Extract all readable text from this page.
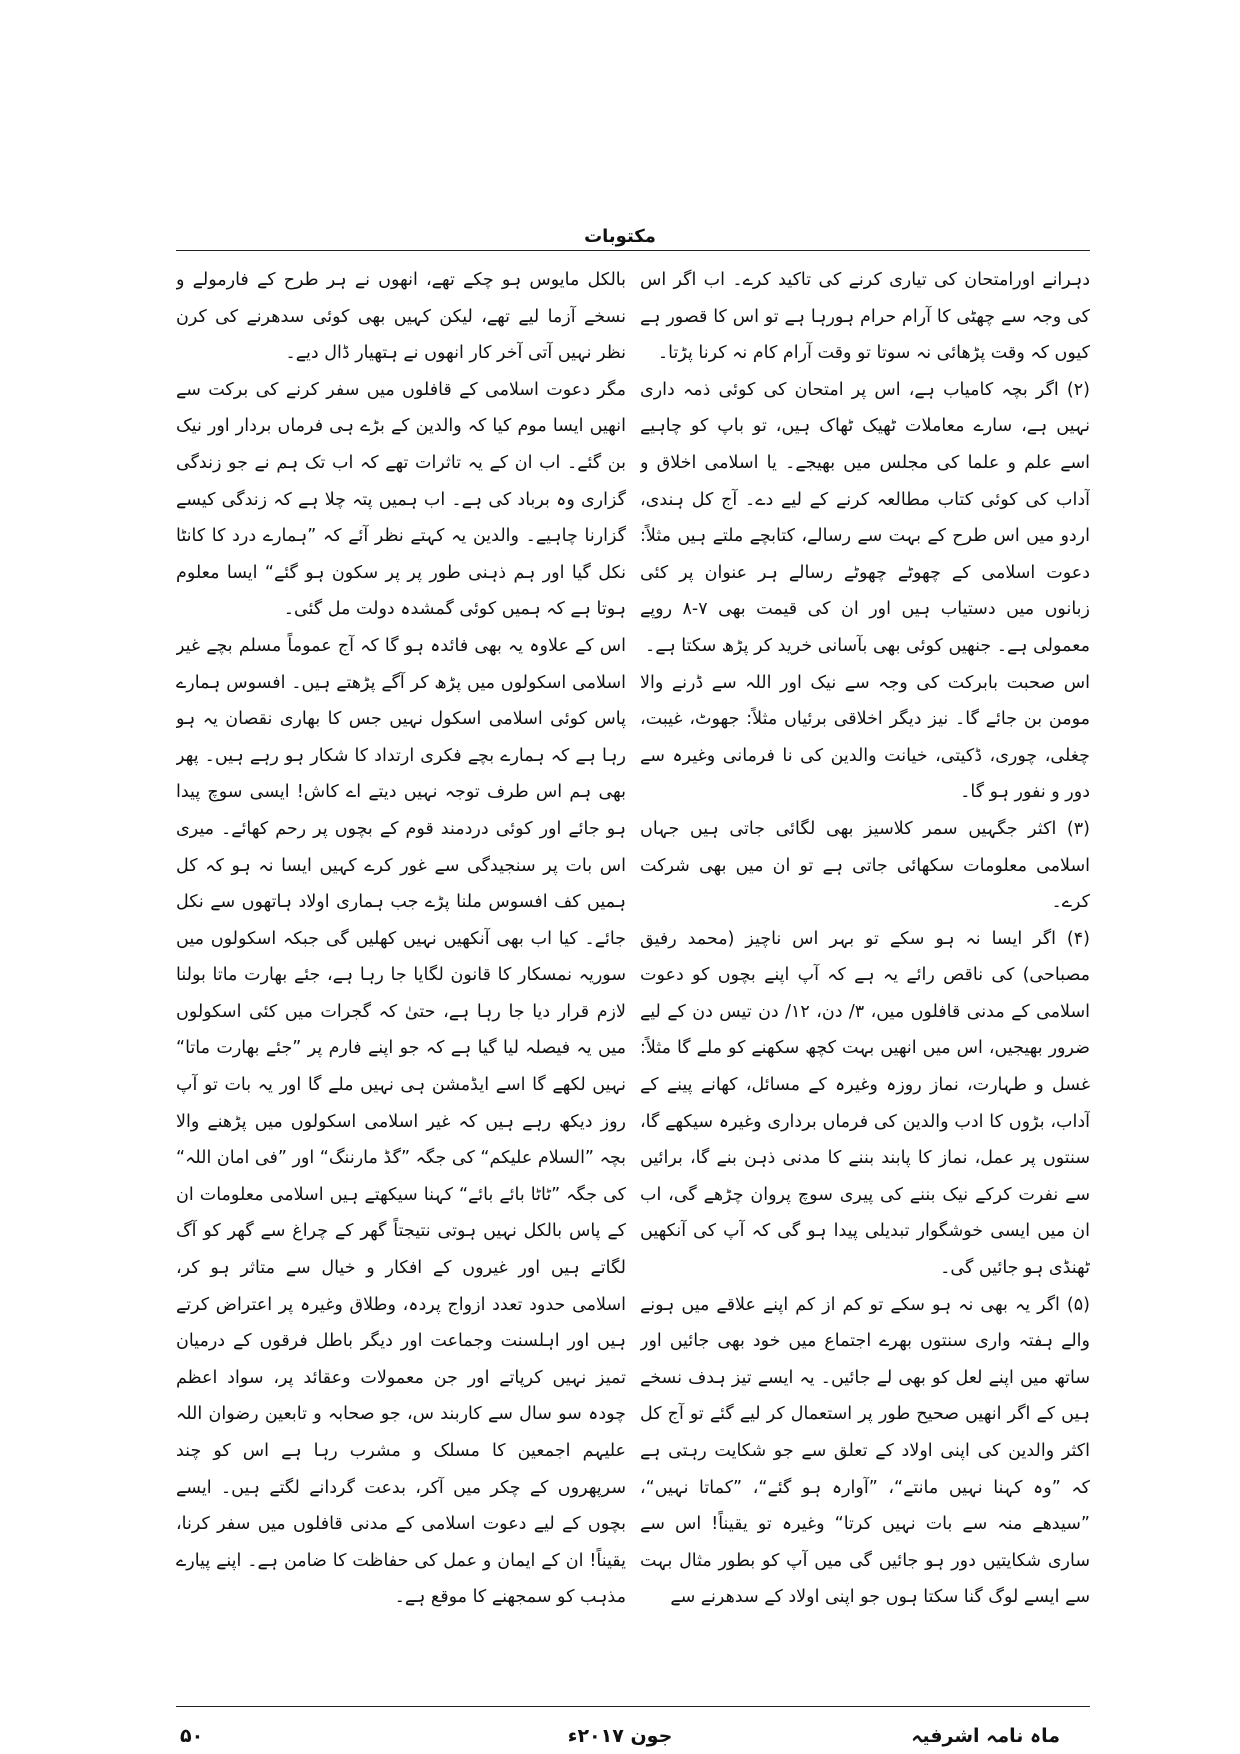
مکتوبات

دہرانے اورامتحان کی تیاری کرنے کی تاکید کرے۔ اب اگر اس کی وجہ سے چھٹی کا آرام حرام ہورہا ہے تو اس کا قصور ہے کیوں کہ وقت پڑھائی نہ سوتا تو وقت آرام کام نہ کرنا پڑتا۔

(۲) اگر بچہ کامیاب ہے، اس پر امتحان کی کوئی ذمہ داری نہیں ہے، سارے معاملات ٹھیک ٹھاک ہیں، تو باپ کو چاہیے اسے علم و علما کی مجلس میں بھیجے۔ یا اسلامی اخلاق و آداب کی کوئی کتاب مطالعہ کرنے کے لیے دے۔ آج کل ہندی، اردو میں اس طرح کے بہت سے رسالے، کتابچے ملتے ہیں مثلاً: دعوت اسلامی کے چھوٹے چھوٹے رسالے ہر عنوان پر کئی زبانوں میں دستیاب ہیں اور ان کی قیمت بھی ۷-۸ روپے معمولی ہے۔ جنھیں کوئی بھی بآسانی خرید کر پڑھ سکتا ہے۔

اس صحبت بابرکت کی وجہ سے نیک اور اللہ سے ڈرنے والا مومن بن جائے گا۔ نیز دیگر اخلاقی برئیاں مثلاً: جھوٹ، غیبت، چغلی، چوری، ڈکیتی، خیانت والدین کی نا فرمانی وغیرہ سے دور و نفور ہو گا۔

(۳) اکثر جگہیں سمر کلاسیز بھی لگائی جاتی ہیں جہاں اسلامی معلومات سکھائی جاتی ہے تو ان میں بھی شرکت کرے۔

(۴) اگر ایسا نہ ہو سکے تو بہر اس ناچیز (محمد رفیق مصباحی) کی ناقص رائے یہ ہے کہ آپ اپنے بچوں کو دعوت اسلامی کے مدنی قافلوں میں، ۳/ دن، ۱۲/ دن تیس دن کے لیے ضرور بھیجیں، اس میں انھیں بہت کچھ سکھنے کو ملے گا مثلاً: غسل و طہارت، نماز روزہ وغیرہ کے مسائل، کھانے پینے کے آداب، بڑوں کا ادب والدین کی فرماں برداری وغیرہ سیکھے گا، سنتوں پر عمل، نماز کا پابند بننے کا مدنی ذہن بنے گا، برائیں سے نفرت کرکے نیک بننے کی پیری سوچ پروان چڑھے گی، اب ان میں ایسی خوشگوار تبدیلی پیدا ہو گی کہ آپ کی آنکھیں ٹھنڈی ہو جائیں گی۔

(۵) اگر یہ بھی نہ ہو سکے تو کم از کم اپنے علاقے میں ہونے والے ہفتہ واری سنتوں بھرے اجتماع میں خود بھی جائیں اور ساتھ میں اپنے لعل کو بھی لے جائیں۔ یہ ایسے تیز ہدف نسخے ہیں کے اگر انھیں صحیح طور پر استعمال کر لیے گئے تو آج کل اکثر والدین کی اپنی اولاد کے تعلق سے جو شکایت رہتی ہے کہ ”وہ کہنا نہیں مانتے“، ”آوارہ ہو گئے“، ”کماتا نہیں“، ”سیدھے منہ سے بات نہیں کرتا“ وغیرہ تو یقیناً! اس سے ساری شکایتیں دور ہو جائیں گی میں آپ کو بطور مثال بہت سے ایسے لوگ گنا سکتا ہوں جو اپنی اولاد کے سدھرنے سے

بالکل مایوس ہو چکے تھے، انھوں نے ہر طرح کے فارمولے و نسخے آزما لیے تھے، لیکن کہیں بھی کوئی سدھرنے کی کرن نظر نہیں آتی آخر کار انھوں نے ہتھیار ڈال دیے۔

مگر دعوت اسلامی کے قافلوں میں سفر کرنے کی برکت سے انھیں ایسا موم کیا کہ والدین کے بڑے ہی فرماں بردار اور نیک بن گئے۔ اب ان کے یہ تاثرات تھے کہ اب تک ہم نے جو زندگی گزاری وہ برباد کی ہے۔ اب ہمیں پتہ چلا ہے کہ زندگی کیسے گزارنا چاہیے۔ والدین یہ کہتے نظر آئے کہ ”ہمارے درد کا کانٹا نکل گیا اور ہم ذہنی طور پر پر سکون ہو گئے“ ایسا معلوم ہوتا ہے کہ ہمیں کوئی گمشدہ دولت مل گئی۔

اس کے علاوہ یہ بھی فائدہ ہو گا کہ آج عموماً مسلم بچے غیر اسلامی اسکولوں میں پڑھ کر آگے پڑھتے ہیں۔ افسوس ہمارے پاس کوئی اسلامی اسکول نہیں جس کا بھاری نقصان یہ ہو رہا ہے کہ ہمارے بچے فکری ارتداد کا شکار ہو رہے ہیں۔ پھر بھی ہم اس طرف توجہ نہیں دیتے اے کاش! ایسی سوچ پیدا ہو جائے اور کوئی دردمند قوم کے بچوں پر رحم کھائے۔ میری اس بات پر سنجیدگی سے غور کرے کہیں ایسا نہ ہو کہ کل ہمیں کف افسوس ملنا پڑے جب ہماری اولاد ہاتھوں سے نکل جائے۔ کیا اب بھی آنکھیں نہیں کھلیں گی جبکہ اسکولوں میں سوریہ نمسکار کا قانون لگایا جا رہا ہے، جئے بھارت ماتا بولنا لازم قرار دیا جا رہا ہے، حتیٰ کہ گجرات میں کئی اسکولوں میں یہ فیصلہ لیا گیا ہے کہ جو اپنے فارم پر ”جئے بھارت ماتا“ نہیں لکھے گا اسے ایڈمشن ہی نہیں ملے گا اور یہ بات تو آپ روز دیکھ رہے ہیں کہ غیر اسلامی اسکولوں میں پڑھنے والا بچہ ”السلام علیکم“ کی جگہ ”گڈ مارننگ“ اور ”فی امان اللہ“ کی جگہ ”ٹاٹا بائے بائے“ کہنا سیکھتے ہیں اسلامی معلومات ان کے پاس بالکل نہیں ہوتی نتیجتاً گھر کے چراغ سے گھر کو آگ لگاتے ہیں اور غیروں کے افکار و خیال سے متاثر ہو کر، اسلامی حدود تعدد ازواج پردہ، وطلاق وغیرہ پر اعتراض کرتے ہیں اور اہلسنت وجماعت اور دیگر باطل فرقوں کے درمیان تمیز نہیں کرپاتے اور جن معمولات وعقائد پر، سواد اعظم چودہ سو سال سے کاربند س، جو صحابہ و تابعین رضوان اللہ علیہم اجمعین کا مسلک و مشرب رہا ہے اس کو چند سرپھروں کے چکر میں آکر، بدعت گردانے لگتے ہیں۔ ایسے بچوں کے لیے دعوت اسلامی کے مدنی قافلوں میں سفر کرنا، یقیناً! ان کے ایمان و عمل کی حفاظت کا ضامن ہے۔ اپنے پیارے مذہب کو سمجھنے کا موقع ہے۔

ماہ نامہ اشرفیہ
جون ۲۰۱۷ء
۵۰
